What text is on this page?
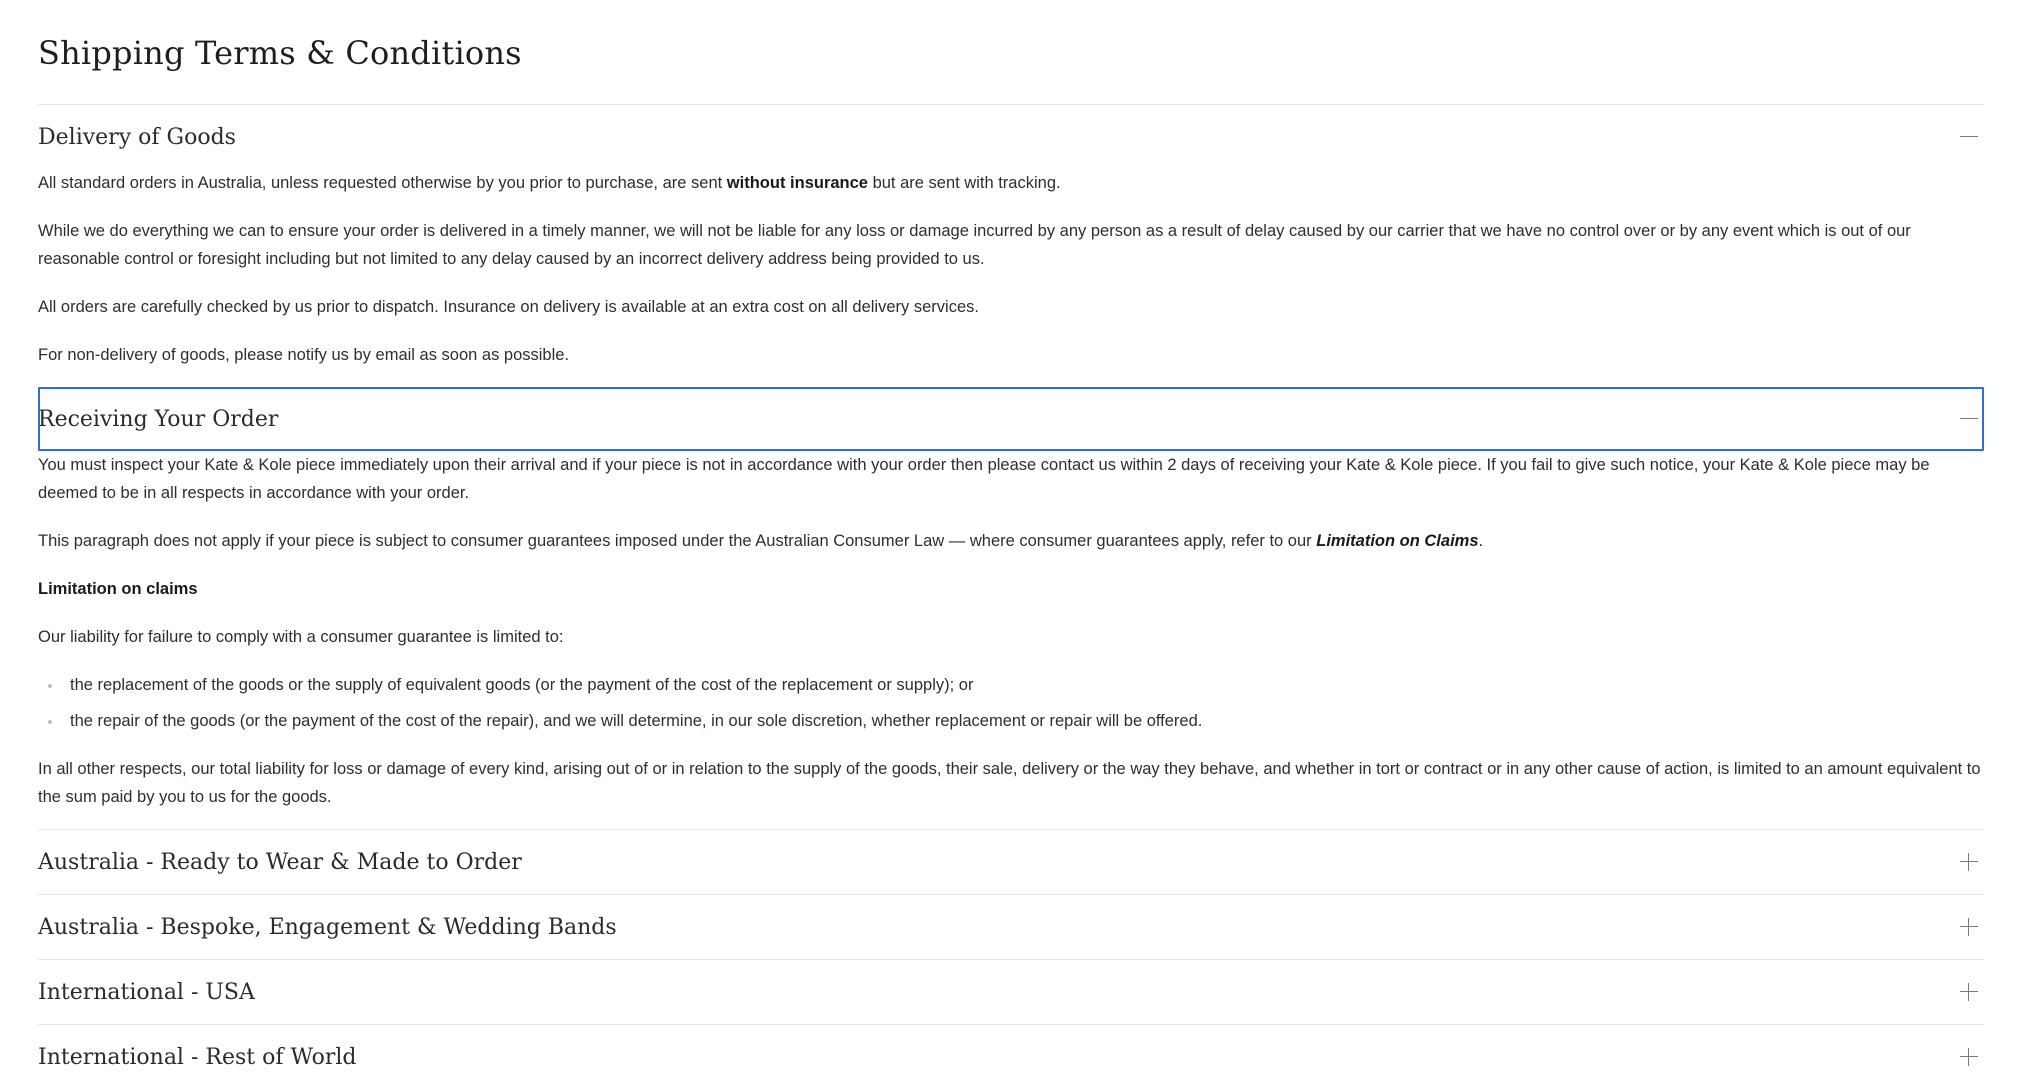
Shipping Terms & Conditions
Delivery of Goods

All standard orders in Australia, unless requested otherwise by you prior to purchase, are sent without insurance but are sent with tracking.

While we do everything we can to ensure your order is delivered in a timely manner, we will not be liable for any loss or damage incurred by any person as a result of delay caused by our carrier that we have no control over or by any event which is out of our reasonable control or foresight including but not limited to any delay caused by an incorrect delivery address being provided to us.

All orders are carefully checked by us prior to dispatch. Insurance on delivery is available at an extra cost on all delivery services.

For non-delivery of goods, please notify us by email as soon as possible.

Receiving Your Order

You must inspect your Kate & Kole piece immediately upon their arrival and if your piece is not in accordance with your order then please contact us within 2 days of receiving your Kate & Kole piece. If you fail to give such notice, your Kate & Kole piece may be deemed to be in all respects in accordance with your order.

This paragraph does not apply if your piece is subject to consumer guarantees imposed under the Australian Consumer Law — where consumer guarantees apply, refer to our Limitation on Claims.

Limitation on claims

Our liability for failure to comply with a consumer guarantee is limited to:

the replacement of the goods or the supply of equivalent goods (or the payment of the cost of the replacement or supply); or
the repair of the goods (or the payment of the cost of the repair), and we will determine, in our sole discretion, whether replacement or repair will be offered.

In all other respects, our total liability for loss or damage of every kind, arising out of or in relation to the supply of the goods, their sale, delivery or the way they behave, and whether in tort or contract or in any other cause of action, is limited to an amount equivalent to the sum paid by you to us for the goods.

Australia - Ready to Wear & Made to Order
Australia - Bespoke, Engagement & Wedding Bands
International - USA
International - Rest of World
